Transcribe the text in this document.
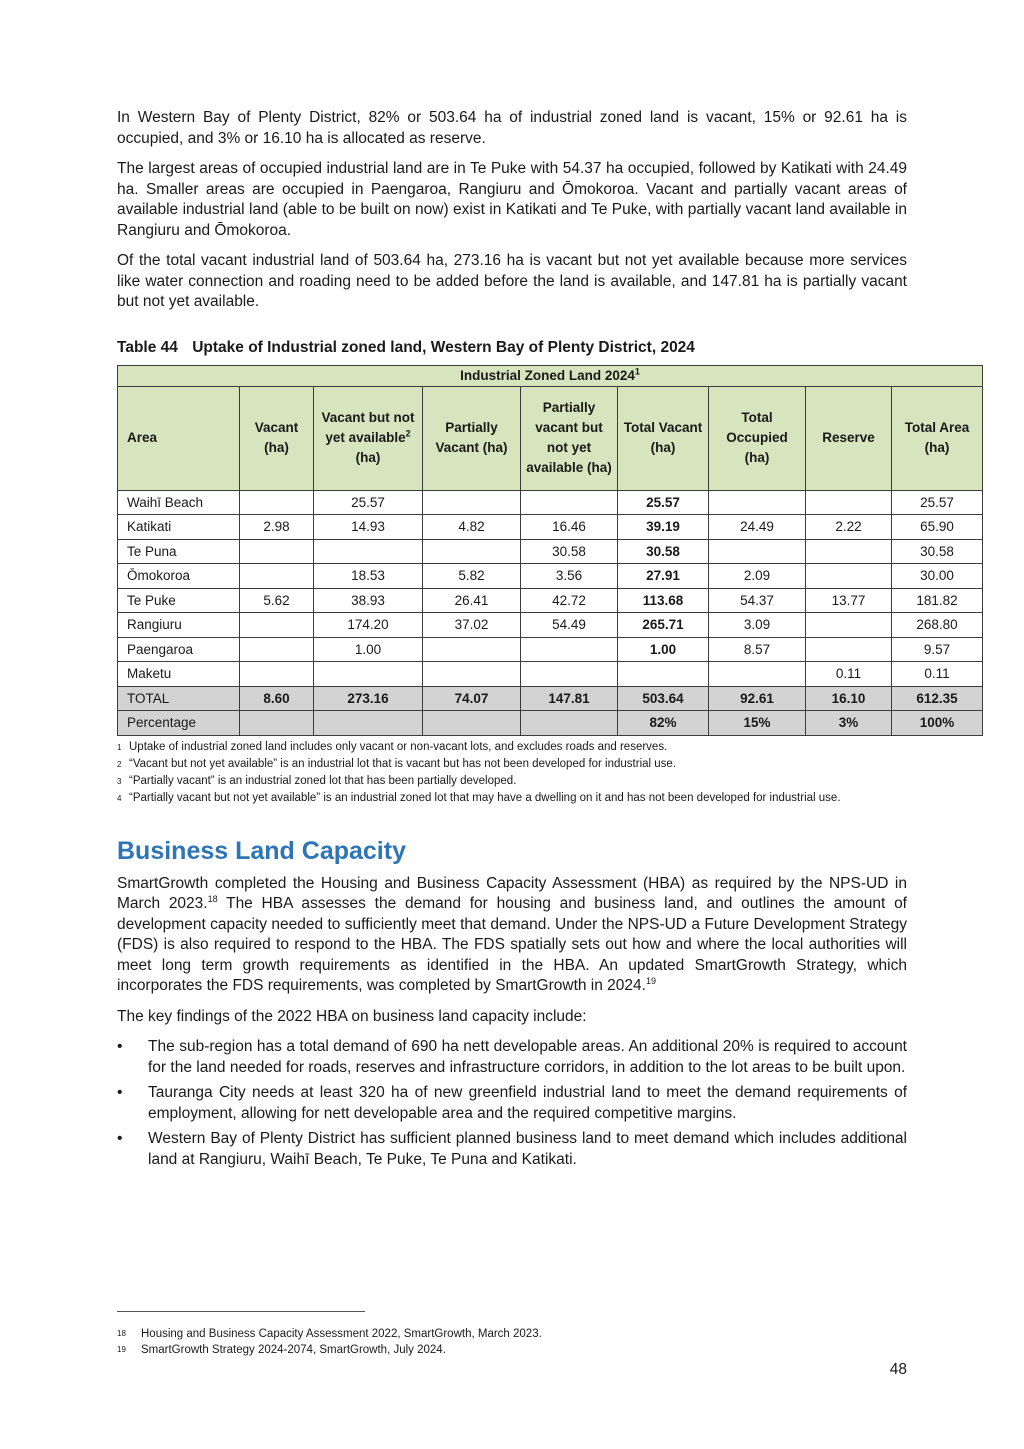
In Western Bay of Plenty District, 82% or 503.64 ha of industrial zoned land is vacant, 15% or 92.61 ha is occupied, and 3% or 16.10 ha is allocated as reserve.

The largest areas of occupied industrial land are in Te Puke with 54.37 ha occupied, followed by Katikati with 24.49 ha. Smaller areas are occupied in Paengaroa, Rangiuru and Ōmokoroa. Vacant and partially vacant areas of available industrial land (able to be built on now) exist in Katikati and Te Puke, with partially vacant land available in Rangiuru and Ōmokoroa.

Of the total vacant industrial land of 503.64 ha, 273.16 ha is vacant but not yet available because more services like water connection and roading need to be added before the land is available, and 147.81 ha is partially vacant but not yet available.

Table 44 Uptake of Industrial zoned land, Western Bay of Plenty District, 2024
Industrial Zoned Land 2024$^1$
Area	Vacant (ha)	Vacant but not yet available$^2$ (ha)	Partially Vacant (ha)	Partially vacant but not yet available (ha)	Total Vacant (ha)	Total Occupied (ha)	Reserve	Total Area (ha)
Waihī Beach		25.57			25.57			25.57
Katikati	2.98	14.93	4.82	16.46	39.19	24.49	2.22	65.90
Te Puna				30.58	30.58			30.58
Ōmokoroa		18.53	5.82	3.56	27.91	2.09		30.00
Te Puke	5.62	38.93	26.41	42.72	113.68	54.37	13.77	181.82
Rangiuru		174.20	37.02	54.49	265.71	3.09		268.80
Paengaroa		1.00			1.00	8.57		9.57
Maketu							0.11	0.11
TOTAL	8.60	273.16	74.07	147.81	503.64	92.61	16.10	612.35
Percentage					82%	15%	3%	100%
1 Uptake of industrial zoned land includes only vacant or non-vacant lots, and excludes roads and reserves.
2 “Vacant but not yet available” is an industrial lot that is vacant but has not been developed for industrial use.
3 “Partially vacant” is an industrial zoned lot that has been partially developed.
4 “Partially vacant but not yet available” is an industrial zoned lot that may have a dwelling on it and has not been developed for industrial use.
Business Land Capacity

SmartGrowth completed the Housing and Business Capacity Assessment (HBA) as required by the NPS-UD in March 2023.18 The HBA assesses the demand for housing and business land, and outlines the amount of development capacity needed to sufficiently meet that demand. Under the NPS-UD a Future Development Strategy (FDS) is also required to respond to the HBA. The FDS spatially sets out how and where the local authorities will meet long term growth requirements as identified in the HBA. An updated SmartGrowth Strategy, which incorporates the FDS requirements, was completed by SmartGrowth in 2024.19

The key findings of the 2022 HBA on business land capacity include:

• The sub-region has a total demand of 690 ha nett developable areas. An additional 20% is required to account for the land needed for roads, reserves and infrastructure corridors, in addition to the lot areas to be built upon.
• Tauranga City needs at least 320 ha of new greenfield industrial land to meet the demand requirements of employment, allowing for nett developable area and the required competitive margins.
• Western Bay of Plenty District has sufficient planned business land to meet demand which includes additional land at Rangiuru, Waihī Beach, Te Puke, Te Puna and Katikati.
18	Housing and Business Capacity Assessment 2022, SmartGrowth, March 2023.
19	SmartGrowth Strategy 2024-2074, SmartGrowth, July 2024.
48
